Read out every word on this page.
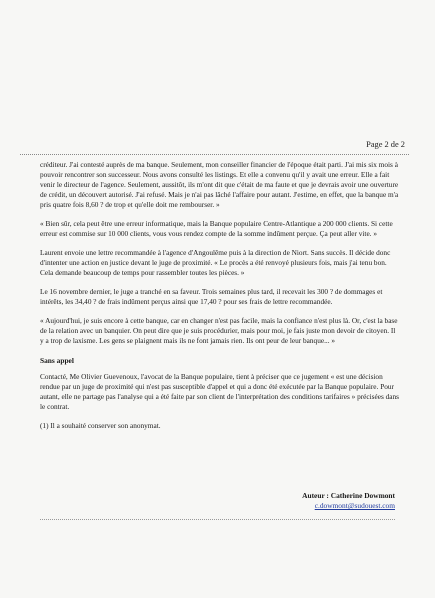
Page 2 de 2

créditeur. J'ai contesté auprès de ma banque. Seulement, mon conseiller financier de l'époque était parti. J'ai mis six mois à pouvoir rencontrer son successeur. Nous avons consulté les listings. Et elle a convenu qu'il y avait une erreur. Elle a fait venir le directeur de l'agence. Seulement, aussitôt, ils m'ont dit que c'était de ma faute et que je devrais avoir une ouverture de crédit, un découvert autorisé. J'ai refusé. Mais je n'ai pas lâché l'affaire pour autant. J'estime, en effet, que la banque m'a pris quatre fois 8,60 ? de trop et qu'elle doit me rembourser. »

« Bien sûr, cela peut être une erreur informatique, mais la Banque populaire Centre-Atlantique a 200 000 clients. Si cette erreur est commise sur 10 000 clients, vous vous rendez compte de la somme indûment perçue. Ça peut aller vite. »

Laurent envoie une lettre recommandée à l'agence d'Angoulême puis à la direction de Niort. Sans succès. Il décide donc d'intenter une action en justice devant le juge de proximité. « Le procès a été renvoyé plusieurs fois, mais j'ai tenu bon. Cela demande beaucoup de temps pour rassembler toutes les pièces. »

Le 16 novembre dernier, le juge a tranché en sa faveur. Trois semaines plus tard, il recevait les 300 ? de dommages et intérêts, les 34,40 ? de frais indûment perçus ainsi que 17,40 ? pour ses frais de lettre recommandée.

« Aujourd'hui, je suis encore à cette banque, car en changer n'est pas facile, mais la confiance n'est plus là. Or, c'est la base de la relation avec un banquier. On peut dire que je suis procédurier, mais pour moi, je fais juste mon devoir de citoyen. Il y a trop de laxisme. Les gens se plaignent mais ils ne font jamais rien. Ils ont peur de leur banque... »

Sans appel

Contacté, Me Olivier Guevenoux, l'avocat de la Banque populaire, tient à préciser que ce jugement « est une décision rendue par un juge de proximité qui n'est pas susceptible d'appel et qui a donc été exécutée par la Banque populaire. Pour autant, elle ne partage pas l'analyse qui a été faite par son client de l'interprétation des conditions tarifaires » précisées dans le contrat.

(1) Il a souhaité conserver son anonymat.

Auteur : Catherine Dowmont
c.dowmont@sudouest.com
